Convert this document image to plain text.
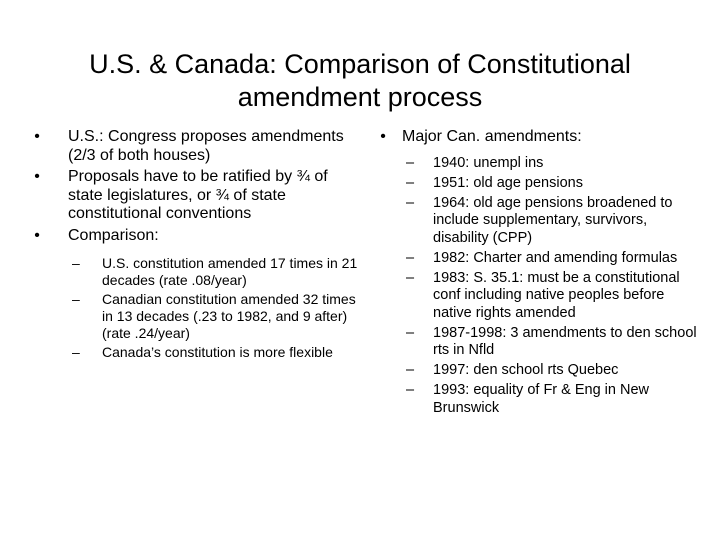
U.S. & Canada: Comparison of Constitutional
amendment process
• U.S.: Congress proposes amendments (2/3 of both houses)
• Proposals have to be ratified by ¾ of state legislatures, or ¾ of state constitutional conventions
• Comparison:
– U.S. constitution amended 17 times in 21 decades (rate .08/year)
– Canadian constitution amended 32 times in 13 decades (.23 to 1982, and 9 after) (rate .24/year)
– Canada’s constitution is more flexible
• Major Can. amendments:
– 1940: unempl ins
– 1951: old age pensions
– 1964: old age pensions broadened to include supplementary, survivors, disability (CPP)
– 1982: Charter and amending formulas
– 1983: S. 35.1: must be a constitutional conf including native peoples before native rights amended
– 1987-1998: 3 amendments to den school rts in Nfld
– 1997: den school rts Quebec
– 1993: equality of Fr & Eng in New Brunswick
